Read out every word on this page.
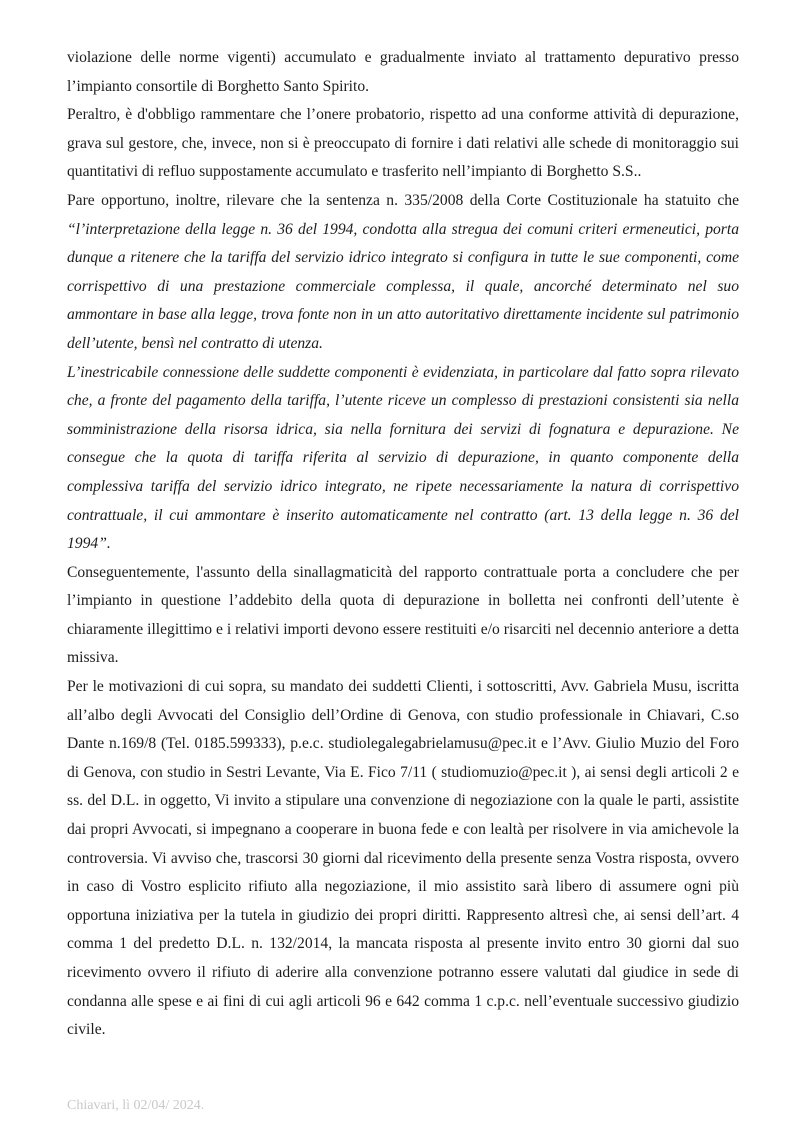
violazione delle norme vigenti) accumulato e gradualmente inviato al trattamento depurativo presso l’impianto consortile di Borghetto Santo Spirito.

Peraltro, è d'obbligo rammentare che l’onere probatorio, rispetto ad una conforme attività di depurazione, grava sul gestore, che, invece, non si è preoccupato di fornire i dati relativi alle schede di monitoraggio sui quantitativi di refluo suppostamente accumulato e trasferito nell’impianto di Borghetto S.S..

Pare opportuno, inoltre, rilevare che la sentenza n. 335/2008 della Corte Costituzionale ha statuito che “l’interpretazione della legge n. 36 del 1994, condotta alla stregua dei comuni criteri ermeneutici, porta dunque a ritenere che la tariffa del servizio idrico integrato si configura in tutte le sue componenti, come corrispettivo di una prestazione commerciale complessa, il quale, ancorché determinato nel suo ammontare in base alla legge, trova fonte non in un atto autoritativo direttamente incidente sul patrimonio dell’utente, bensì nel contratto di utenza.

L’inestricabile connessione delle suddette componenti è evidenziata, in particolare dal fatto sopra rilevato che, a fronte del pagamento della tariffa, l’utente riceve un complesso di prestazioni consistenti sia nella somministrazione della risorsa idrica, sia nella fornitura dei servizi di fognatura e depurazione. Ne consegue che la quota di tariffa riferita al servizio di depurazione, in quanto componente della complessiva tariffa del servizio idrico integrato, ne ripete necessariamente la natura di corrispettivo contrattuale, il cui ammontare è inserito automaticamente nel contratto (art. 13 della legge n. 36 del 1994”.

Conseguentemente, l'assunto della sinallagmaticità del rapporto contrattuale porta a concludere che per l’impianto in questione l’addebito della quota di depurazione in bolletta nei confronti dell’utente è chiaramente illegittimo e i relativi importi devono essere restituiti e/o risarciti nel decennio anteriore a detta missiva.

Per le motivazioni di cui sopra, su mandato dei suddetti Clienti, i sottoscritti, Avv. Gabriela Musu, iscritta all’albo degli Avvocati del Consiglio dell’Ordine di Genova, con studio professionale in Chiavari, C.so Dante n.169/8 (Tel. 0185.599333), p.e.c. studiolegalegabrielamusu@pec.it e l’Avv. Giulio Muzio del Foro di Genova, con studio in Sestri Levante, Via E. Fico 7/11 ( studiomuzio@pec.it ), ai sensi degli articoli 2 e ss. del D.L. in oggetto, Vi invito a stipulare una convenzione di negoziazione con la quale le parti, assistite dai propri Avvocati, si impegnano a cooperare in buona fede e con lealtà per risolvere in via amichevole la controversia. Vi avviso che, trascorsi 30 giorni dal ricevimento della presente senza Vostra risposta, ovvero in caso di Vostro esplicito rifiuto alla negoziazione, il mio assistito sarà libero di assumere ogni più opportuna iniziativa per la tutela in giudizio dei propri diritti. Rappresento altresì che, ai sensi dell’art. 4 comma 1 del predetto D.L. n. 132/2014, la mancata risposta al presente invito entro 30 giorni dal suo ricevimento ovvero il rifiuto di aderire alla convenzione potranno essere valutati dal giudice in sede di condanna alle spese e ai fini di cui agli articoli 96 e 642 comma 1 c.p.c. nell’eventuale successivo giudizio civile.

Chiavari, lì 02/04/ 2024.
